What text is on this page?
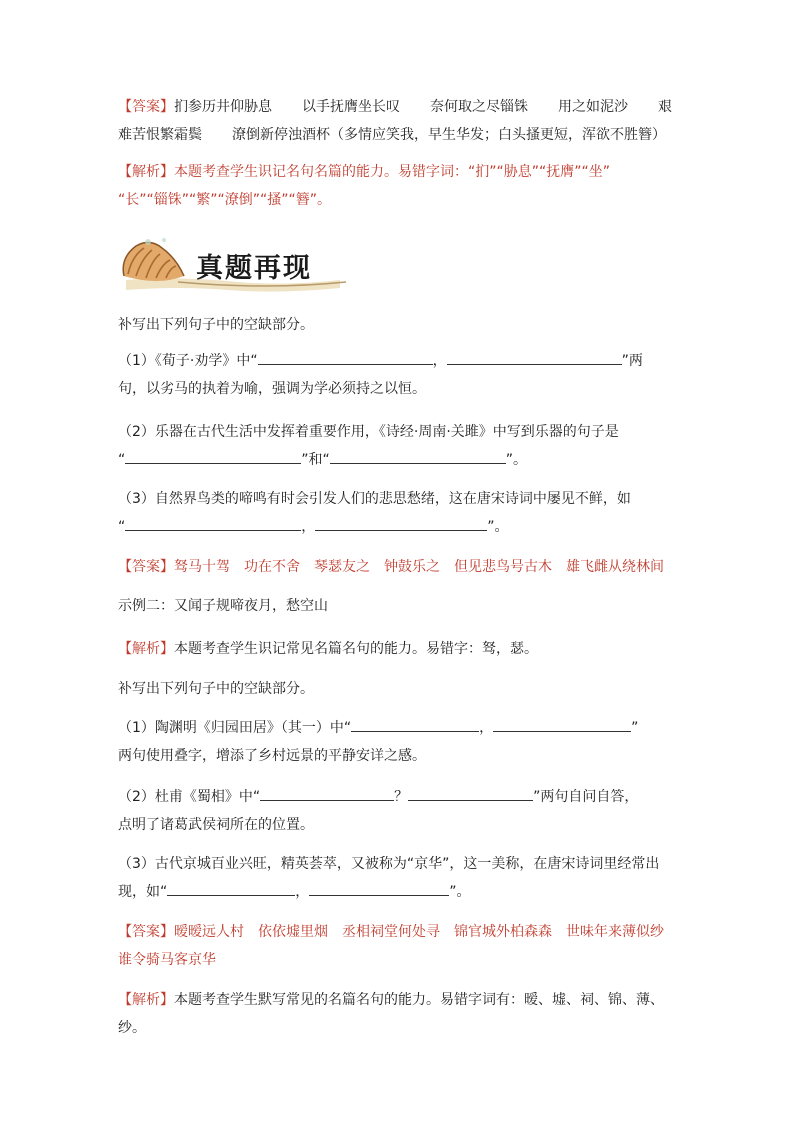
【答案】扪参历井仰胁息 以手抚膺坐长叹 奈何取之尽锱铢 用之如泥沙 艰
难苦恨繁霜鬓 潦倒新停浊酒杯（多情应笑我，早生华发；白头搔更短，浑欲不胜簪）
【解析】本题考查学生识记名句名篇的能力。易错字词：“扪”“胁息”“抚膺”“坐”
“长”“锱铢”“繁”“潦倒”“搔”“簪”。
真题再现
补写出下列句子中的空缺部分。
（1）《荀子·劝学》中“	，	”两
句，以劣马的执着为喻，强调为学必须持之以恒。
（2）乐器在古代生活中发挥着重要作用，《诗经·周南·关雎》中写到乐器的句子是
“	”和“	”。
（3）自然界鸟类的啼鸣有时会引发人们的悲思愁绪，这在唐宋诗词中屡见不鲜，如
“	，	”。
【答案】驽马十驾 功在不舍 琴瑟友之 钟鼓乐之 但见悲鸟号古木 雄飞雌从绕林间
示例二：又闻子规啼夜月，愁空山
【解析】本题考查学生识记常见名篇名句的能力。易错字：驽，瑟。
补写出下列句子中的空缺部分。
（1）陶渊明《归园田居》（其一）中“	，	”
两句使用叠字，增添了乡村远景的平静安详之感。
（2）杜甫《蜀相》中“	？	”两句自问自答，
点明了诸葛武侯祠所在的位置。
（3）古代京城百业兴旺，精英荟萃，又被称为“京华”，这一美称，在唐宋诗词里经常出
现，如“	，	”。
【答案】暧暧远人村 依依墟里烟 丞相祠堂何处寻 锦官城外柏森森 世味年来薄似纱
谁令骑马客京华
【解析】本题考查学生默写常见的名篇名句的能力。易错字词有：暧、墟、祠、锦、薄、纱。
